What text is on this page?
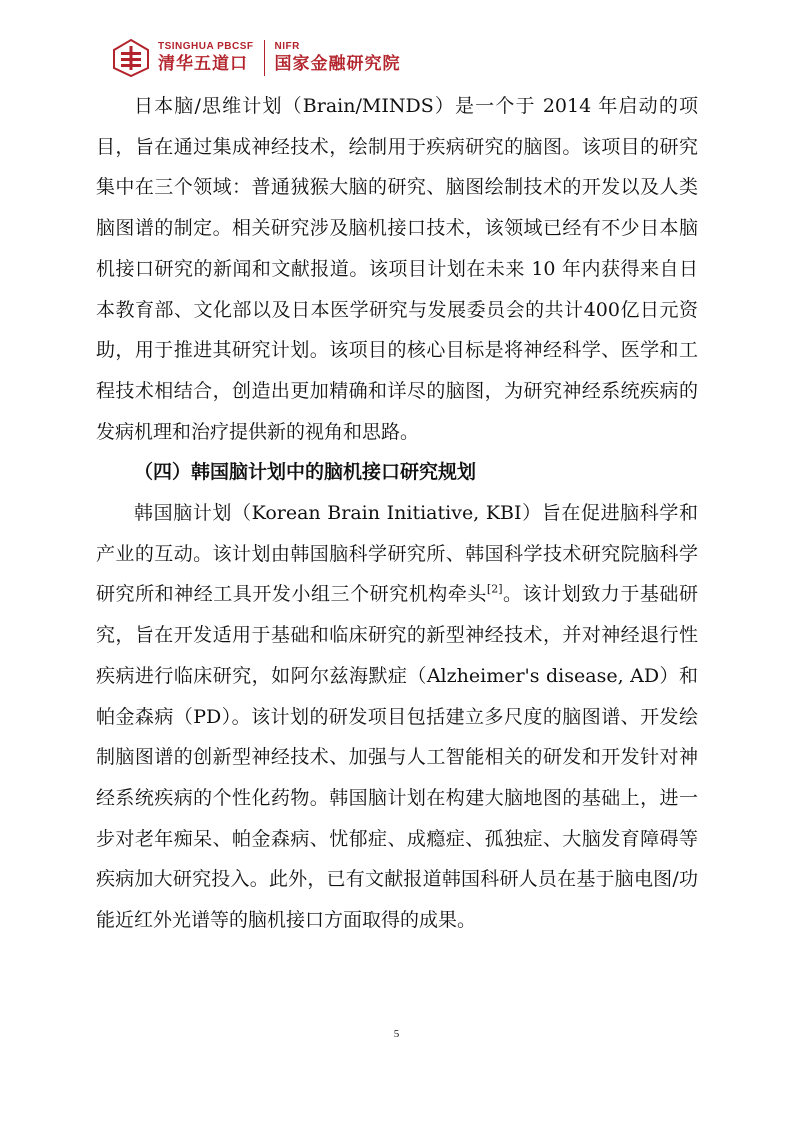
TSINGHUA PBCSF
清华五道口
NIFR
国家金融研究院

日本脑/思维计划（Brain/MINDS）是一个于 2014 年启动的项目，旨在通过集成神经技术，绘制用于疾病研究的脑图。该项目的研究集中在三个领域：普通狨猴大脑的研究、脑图绘制技术的开发以及人类脑图谱的制定。相关研究涉及脑机接口技术，该领域已经有不少日本脑机接口研究的新闻和文献报道。该项目计划在未来 10 年内获得来自日本教育部、文化部以及日本医学研究与发展委员会的共计400亿日元资助，用于推进其研究计划。该项目的核心目标是将神经科学、医学和工程技术相结合，创造出更加精确和详尽的脑图，为研究神经系统疾病的发病机理和治疗提供新的视角和思路。

（四）韩国脑计划中的脑机接口研究规划

韩国脑计划（Korean Brain Initiative, KBI）旨在促进脑科学和产业的互动。该计划由韩国脑科学研究所、韩国科学技术研究院脑科学研究所和神经工具开发小组三个研究机构牵头[2]。该计划致力于基础研究，旨在开发适用于基础和临床研究的新型神经技术，并对神经退行性疾病进行临床研究，如阿尔兹海默症（Alzheimer's disease, AD）和帕金森病（PD）。该计划的研发项目包括建立多尺度的脑图谱、开发绘制脑图谱的创新型神经技术、加强与人工智能相关的研发和开发针对神经系统疾病的个性化药物。韩国脑计划在构建大脑地图的基础上，进一步对老年痴呆、帕金森病、忧郁症、成瘾症、孤独症、大脑发育障碍等疾病加大研究投入。此外，已有文献报道韩国科研人员在基于脑电图/功能近红外光谱等的脑机接口方面取得的成果。

5
